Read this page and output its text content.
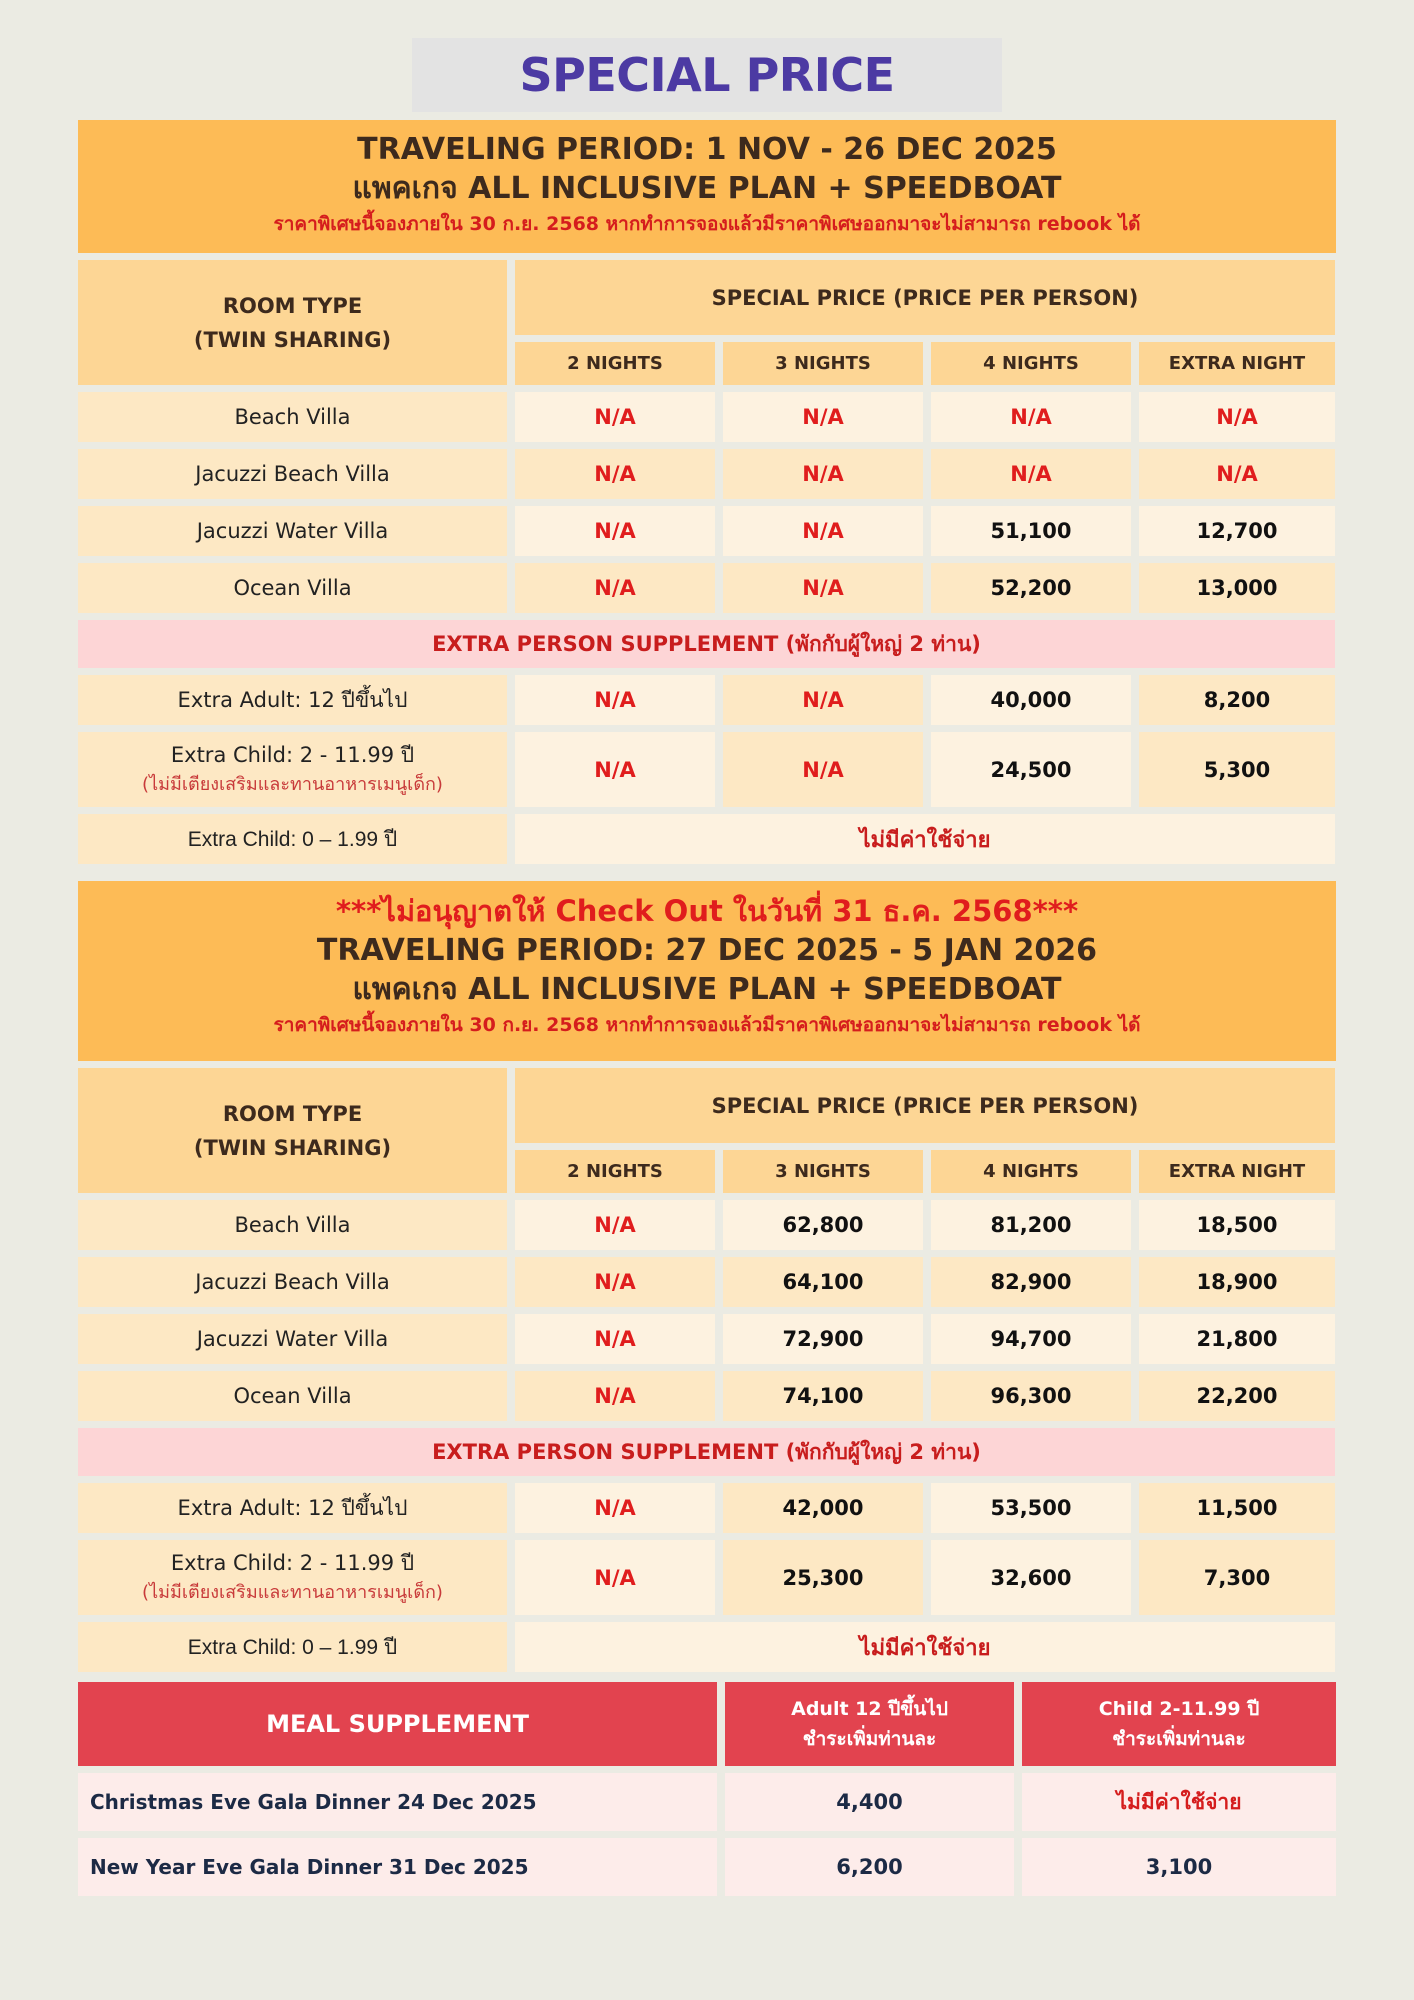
SPECIAL PRICE
TRAVELING PERIOD: 1 NOV - 26 DEC 2025
แพคเกจ ALL INCLUSIVE PLAN + SPEEDBOAT
ราคาพิเศษนี้จองภายใน 30 ก.ย. 2568 หากทำการจองแล้วมีราคาพิเศษออกมาจะไม่สามารถ rebook ได้
ROOM TYPE
(TWIN SHARING)
SPECIAL PRICE (PRICE PER PERSON)
2 NIGHTS	3 NIGHTS	4 NIGHTS	EXTRA NIGHT
Beach Villa	N/A	N/A	N/A	N/A
Jacuzzi Beach Villa	N/A	N/A	N/A	N/A
Jacuzzi Water Villa	N/A	N/A	51,100	12,700
Ocean Villa	N/A	N/A	52,200	13,000
EXTRA PERSON SUPPLEMENT (พักกับผู้ใหญ่ 2 ท่าน)
Extra Adult: 12 ปีขึ้นไป	N/A	N/A	40,000	8,200
Extra Child: 2 - 11.99 ปี
(ไม่มีเตียงเสริมและทานอาหารเมนูเด็ก)
N/A	N/A	24,500	5,300
Extra Child: 0 – 1.99 ปี	ไม่มีค่าใช้จ่าย
***ไม่อนุญาตให้ Check Out ในวันที่ 31 ธ.ค. 2568***
TRAVELING PERIOD: 27 DEC 2025 - 5 JAN 2026
แพคเกจ ALL INCLUSIVE PLAN + SPEEDBOAT
ราคาพิเศษนี้จองภายใน 30 ก.ย. 2568 หากทำการจองแล้วมีราคาพิเศษออกมาจะไม่สามารถ rebook ได้
ROOM TYPE
(TWIN SHARING)
SPECIAL PRICE (PRICE PER PERSON)
2 NIGHTS	3 NIGHTS	4 NIGHTS	EXTRA NIGHT
Beach Villa	N/A	62,800	81,200	18,500
Jacuzzi Beach Villa	N/A	64,100	82,900	18,900
Jacuzzi Water Villa	N/A	72,900	94,700	21,800
Ocean Villa	N/A	74,100	96,300	22,200
EXTRA PERSON SUPPLEMENT (พักกับผู้ใหญ่ 2 ท่าน)
Extra Adult: 12 ปีขึ้นไป	N/A	42,000	53,500	11,500
Extra Child: 2 - 11.99 ปี
(ไม่มีเตียงเสริมและทานอาหารเมนูเด็ก)
N/A	25,300	32,600	7,300
Extra Child: 0 – 1.99 ปี	ไม่มีค่าใช้จ่าย
MEAL SUPPLEMENT
Adult 12 ปีขึ้นไป
ชำระเพิ่มท่านละ
Child 2-11.99 ปี
ชำระเพิ่มท่านละ
Christmas Eve Gala Dinner 24 Dec 2025	4,400	ไม่มีค่าใช้จ่าย
New Year Eve Gala Dinner 31 Dec 2025	6,200	3,100
